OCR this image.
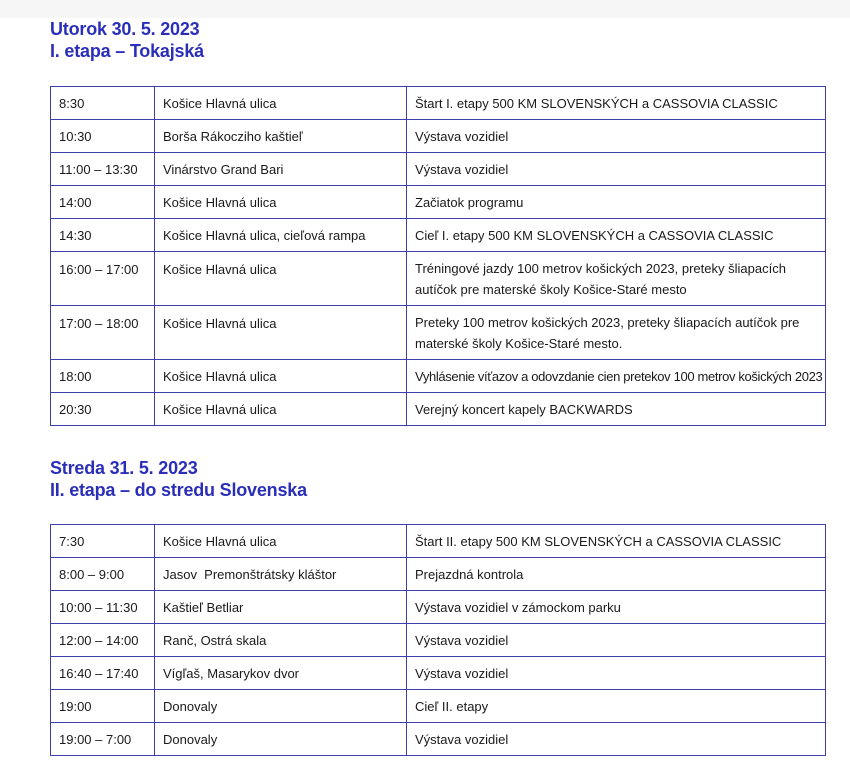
Utorok 30. 5. 2023
I. etapa – Tokajská
8:30	Košice Hlavná ulica	Štart I. etapy 500 KM SLOVENSKÝCH a CASSOVIA CLASSIC
10:30	Borša Rákocziho kaštieľ	Výstava vozidiel
11:00 – 13:30	Vinárstvo Grand Bari	Výstava vozidiel
14:00	Košice Hlavná ulica	Začiatok programu
14:30	Košice Hlavná ulica, cieľová rampa	Cieľ I. etapy 500 KM SLOVENSKÝCH a CASSOVIA CLASSIC
16:00 – 17:00	Košice Hlavná ulica	Tréningové jazdy 100 metrov košických 2023, preteky šliapacích autíčok pre materské školy Košice-Staré mesto
17:00 – 18:00	Košice Hlavná ulica	Preteky 100 metrov košických 2023, preteky šliapacích autíčok pre materské školy Košice-Staré mesto.
18:00	Košice Hlavná ulica	Vyhlásenie víťazov a odovzdanie cien pretekov 100 metrov košických 2023
20:30	Košice Hlavná ulica	Verejný koncert kapely BACKWARDS
Streda 31. 5. 2023
II. etapa – do stredu Slovenska
7:30	Košice Hlavná ulica	Štart II. etapy 500 KM SLOVENSKÝCH a CASSOVIA CLASSIC
8:00 – 9:00	Jasov  Premonštrátsky kláštor	Prejazdná kontrola
10:00 – 11:30	Kaštieľ Betliar	Výstava vozidiel v zámockom parku
12:00 – 14:00	Ranč, Ostrá skala	Výstava vozidiel
16:40 – 17:40	Vígľaš, Masarykov dvor	Výstava vozidiel
19:00	Donovaly	Cieľ II. etapy
19:00 – 7:00	Donovaly	Výstava vozidiel
